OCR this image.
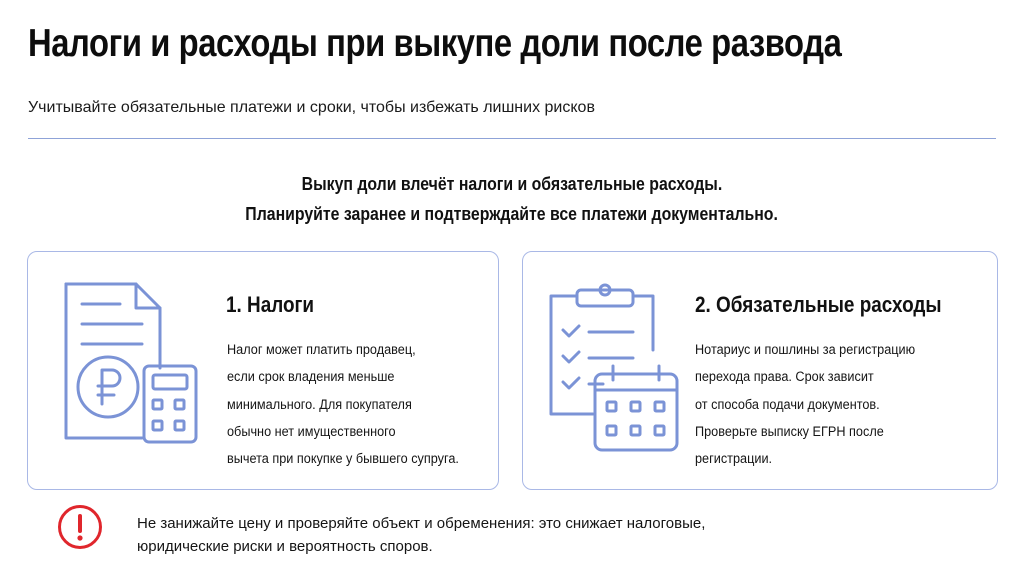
Налоги и расходы при выкупе доли после развода
Учитывайте обязательные платежи и сроки, чтобы избежать лишних рисков
Выкуп доли влечёт налоги и обязательные расходы.
Планируйте заранее и подтверждайте все платежи документально.
1. Налоги
Налог может платить продавец,
если срок владения меньше
минимального. Для покупателя
обычно нет имущественного
вычета при покупке у бывшего супруга.
2. Обязательные расходы
Нотариус и пошлины за регистрацию
перехода права. Срок зависит
от способа подачи документов.
Проверьте выписку ЕГРН после
регистрации.
Не занижайте цену и проверяйте объект и обременения: это снижает налоговые,
юридические риски и вероятность споров.
